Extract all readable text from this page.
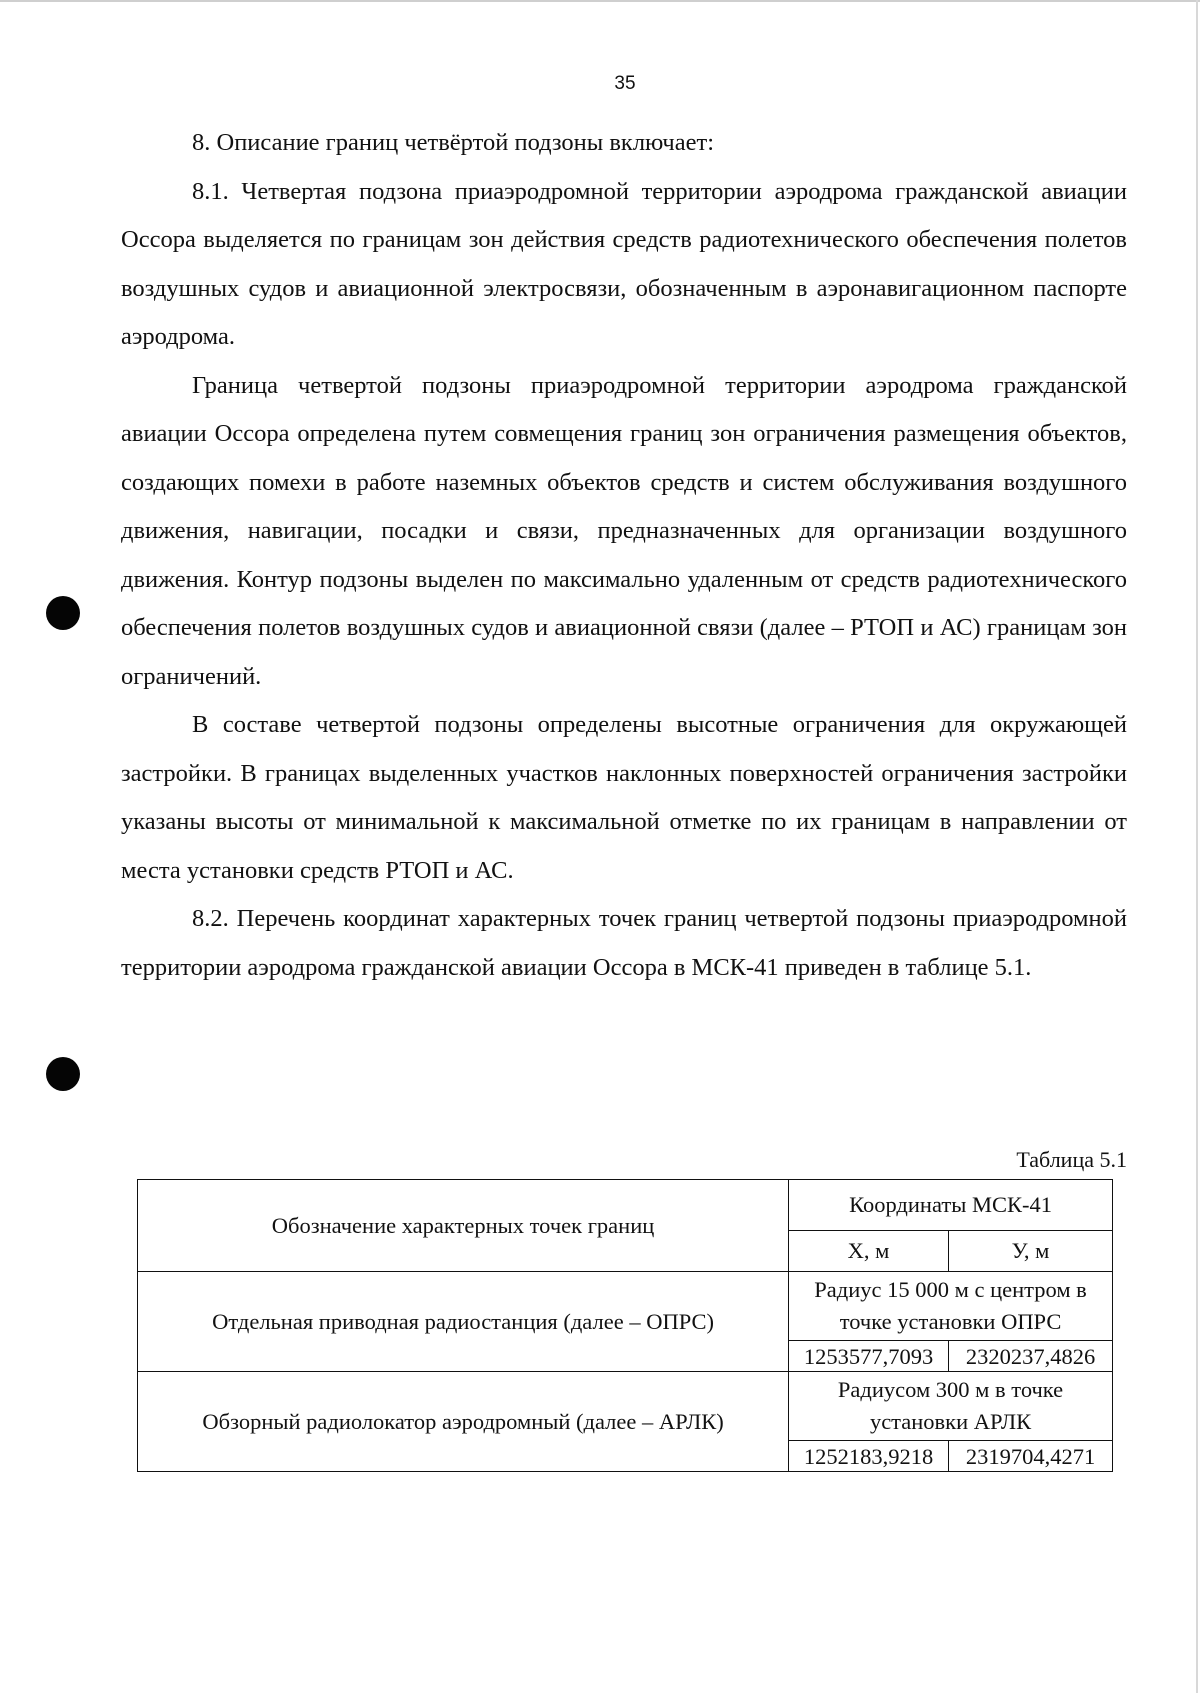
35

8. Описание границ четвёртой подзоны включает:

8.1. Четвертая подзона приаэродромной территории аэродрома гражданской авиации Оссора выделяется по границам зон действия средств радиотехнического обеспечения полетов воздушных судов и авиационной электросвязи, обозначенным в аэронавигационном паспорте аэродрома.

Граница четвертой подзоны приаэродромной территории аэродрома гражданской авиации Оссора определена путем совмещения границ зон ограничения размещения объектов, создающих помехи в работе наземных объектов средств и систем обслуживания воздушного движения, навигации, посадки и связи, предназначенных для организации воздушного движения. Контур подзоны выделен по максимально удаленным от средств радиотехнического обеспечения полетов воздушных судов и авиационной связи (далее – РТОП и АС) границам зон ограничений.

В составе четвертой подзоны определены высотные ограничения для окружающей застройки. В границах выделенных участков наклонных поверхностей ограничения застройки указаны высоты от минимальной к максимальной отметке по их границам в направлении от места установки средств РТОП и АС.

8.2. Перечень координат характерных точек границ четвертой подзоны приаэродромной территории аэродрома гражданской авиации Оссора в МСК-41 приведен в таблице 5.1.

Таблица 5.1
Обозначение характерных точек границ	Координаты МСК-41	
	X, м	У, м
Отдельная приводная радиостанция (далее – ОПРС)	Радиус 15 000 м с центром в точке установки ОПРС	
	1253577,7093	2320237,4826
Обзорный радиолокатор аэродромный (далее – АРЛК)	Радиусом 300 м в точке установки АРЛК	
	1252183,9218	2319704,4271
